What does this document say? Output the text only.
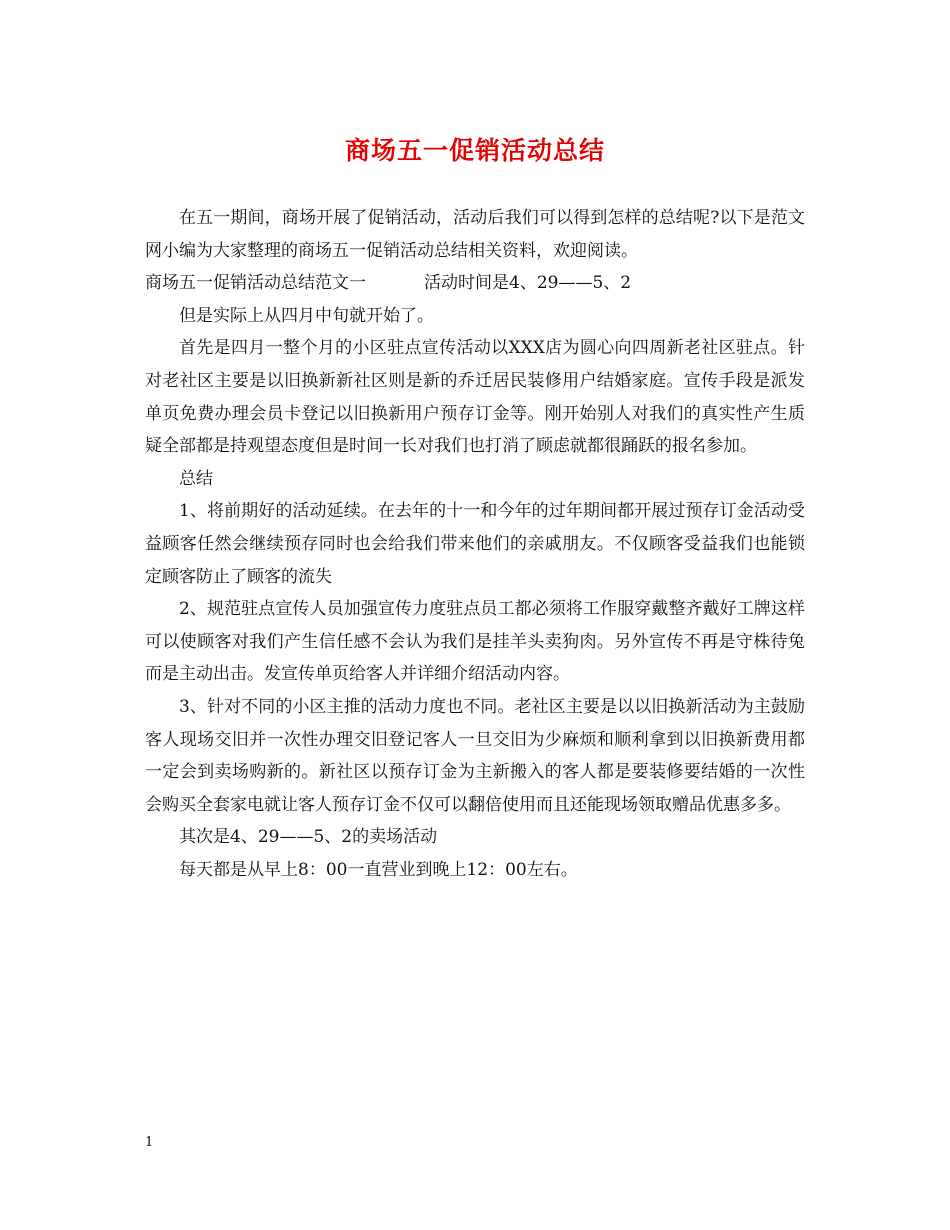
商场五一促销活动总结

在五一期间，商场开展了促销活动，活动后我们可以得到怎样的总结呢?以下是范文网小编为大家整理的商场五一促销活动总结相关资料，欢迎阅读。

商场五一促销活动总结范文一	活动时间是4、29——5、2

但是实际上从四月中旬就开始了。

首先是四月一整个月的小区驻点宣传活动以XXX店为圆心向四周新老社区驻点。针对老社区主要是以旧换新新社区则是新的乔迁居民装修用户结婚家庭。宣传手段是派发单页免费办理会员卡登记以旧换新用户预存订金等。刚开始别人对我们的真实性产生质疑全部都是持观望态度但是时间一长对我们也打消了顾虑就都很踊跃的报名参加。

总结

1、将前期好的活动延续。在去年的十一和今年的过年期间都开展过预存订金活动受益顾客任然会继续预存同时也会给我们带来他们的亲戚朋友。不仅顾客受益我们也能锁定顾客防止了顾客的流失

2、规范驻点宣传人员加强宣传力度驻点员工都必须将工作服穿戴整齐戴好工牌这样可以使顾客对我们产生信任感不会认为我们是挂羊头卖狗肉。另外宣传不再是守株待兔而是主动出击。发宣传单页给客人并详细介绍活动内容。

3、针对不同的小区主推的活动力度也不同。老社区主要是以以旧换新活动为主鼓励客人现场交旧并一次性办理交旧登记客人一旦交旧为少麻烦和顺利拿到以旧换新费用都一定会到卖场购新的。新社区以预存订金为主新搬入的客人都是要装修要结婚的一次性会购买全套家电就让客人预存订金不仅可以翻倍使用而且还能现场领取赠品优惠多多。

其次是4、29——5、2的卖场活动

每天都是从早上8：00一直营业到晚上12：00左右。

1
